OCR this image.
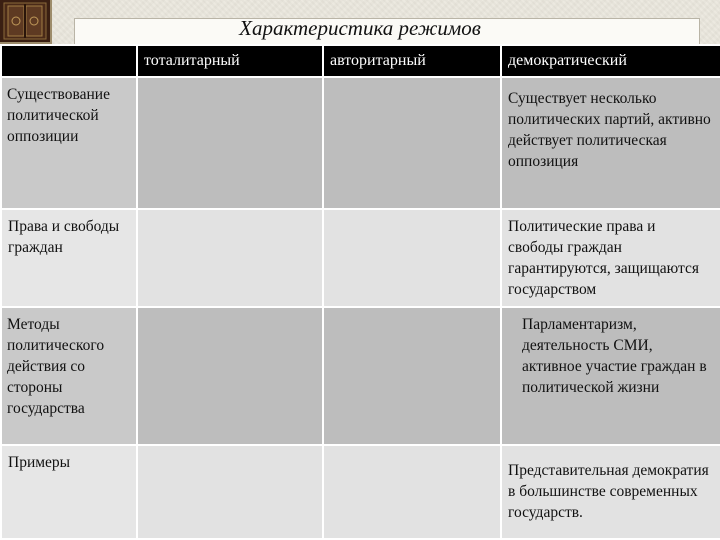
Характеристика режимов
	тоталитарный	авторитарный	демократический
Существование политической оппозиции			Существует несколько политических партий, активно действует политическая оппозиция
Права и свободы граждан			Политические права и свободы граждан гарантируются, защищаются государством
Методы политического действия со стороны государства			Парламентаризм, деятельность СМИ, активное участие граждан в политической жизни
Примеры			Представительная демократия в большинстве современных государств.
